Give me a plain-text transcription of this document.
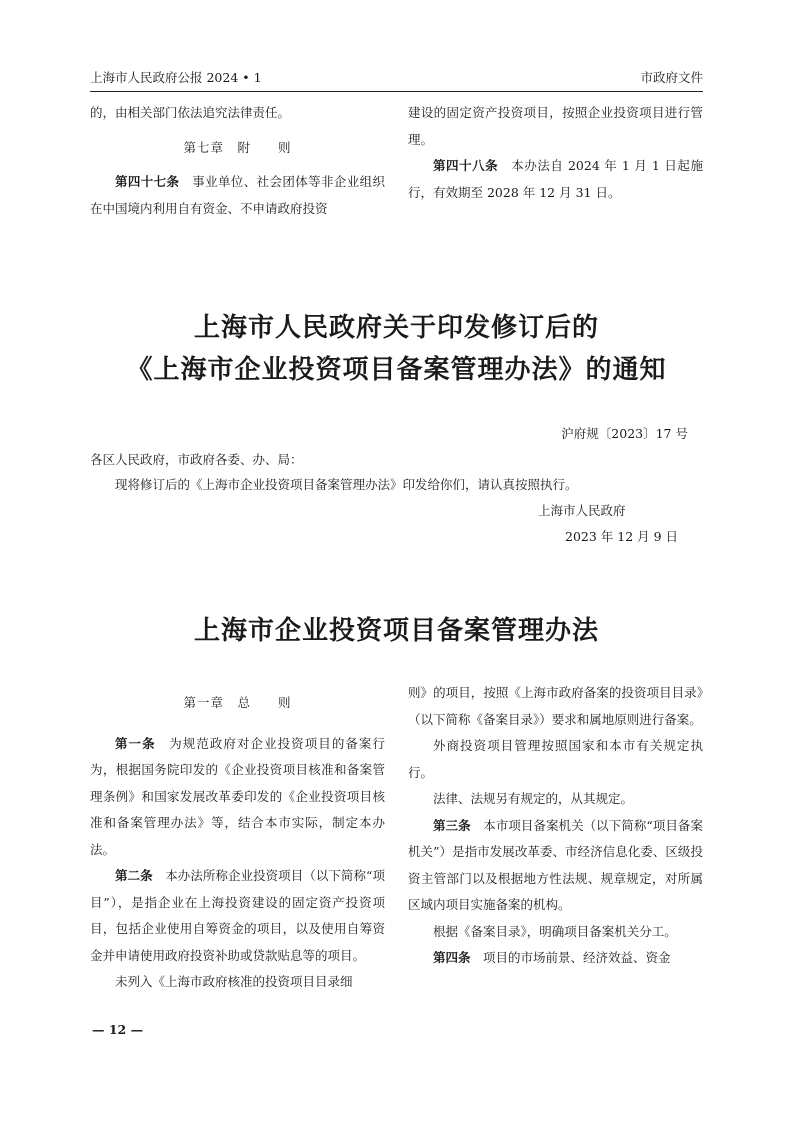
上海市人民政府公报 2024 • 1	市政府文件

的，由相关部门依法追究法律责任。

第七章　附　　则

第四十七条　 事业单位、社会团体等非企业组织在中国境内利用自有资金、不申请政府投资

建设的固定资产投资项目，按照企业投资项目进行管理。

第四十八条　 本办法自 2024 年 1 月 1 日起施行，有效期至 2028 年 12 月 31 日。

上海市人民政府关于印发修订后的
《上海市企业投资项目备案管理办法》的通知
沪府规〔2023〕17 号
各区人民政府，市政府各委、办、局：
现将修订后的《上海市企业投资项目备案管理办法》印发给你们，请认真按照执行。
上海市人民政府
2023 年 12 月 9 日
上海市企业投资项目备案管理办法

第一章　总　　则

第一条　 为规范政府对企业投资项目的备案行为，根据国务院印发的《企业投资项目核准和备案管理条例》和国家发展改革委印发的《企业投资项目核准和备案管理办法》等，结合本市实际，制定本办法。

第二条　 本办法所称企业投资项目（以下简称“项目”），是指企业在上海投资建设的固定资产投资项目，包括企业使用自筹资金的项目，以及使用自筹资金并申请使用政府投资补助或贷款贴息等的项目。

未列入《上海市政府核准的投资项目目录细

则》的项目，按照《上海市政府备案的投资项目目录》（以下简称《备案目录》）要求和属地原则进行备案。

外商投资项目管理按照国家和本市有关规定执行。

法律、法规另有规定的，从其规定。

第三条　 本市项目备案机关（以下简称“项目备案机关”）是指市发展改革委、市经济信息化委、区级投资主管部门以及根据地方性法规、规章规定，对所属区域内项目实施备案的机构。

根据《备案目录》，明确项目备案机关分工。

第四条　 项目的市场前景、经济效益、资金

— 12 —
